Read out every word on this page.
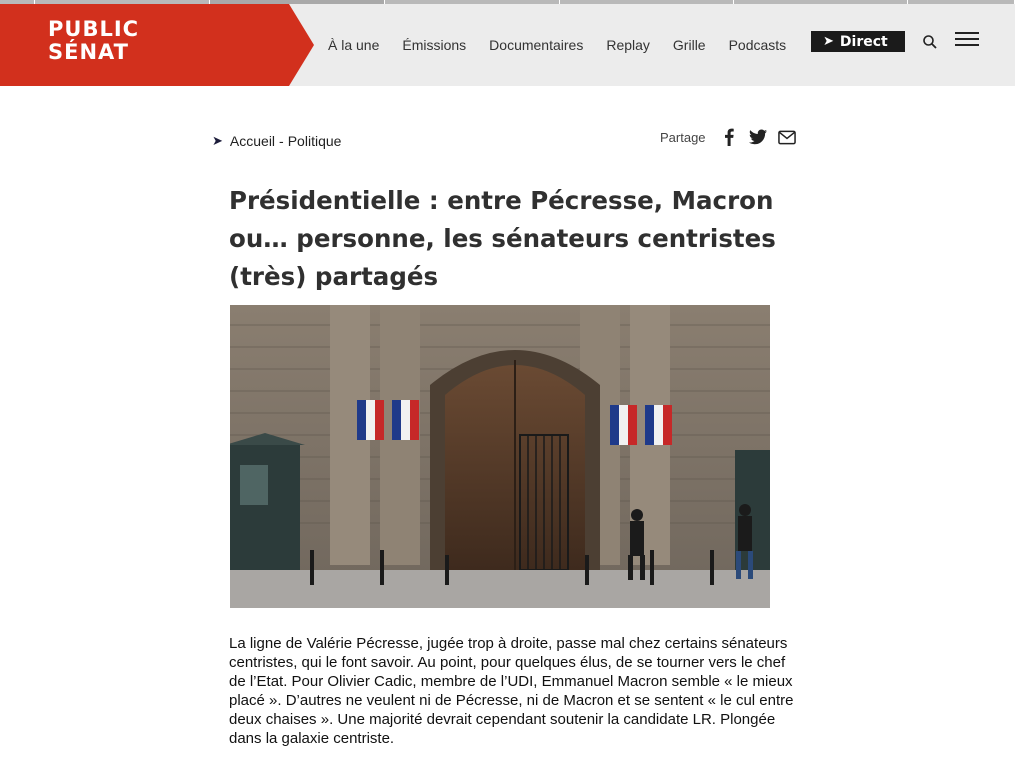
PUBLIC
SÉNAT	À la une Émissions Documentaires Replay Grille Podcasts	➤ Direct
➤ Accueil - Politique	Partage
Présidentielle : entre Pécresse, Macron ou… personne, les sénateurs centristes (très) partagés

La ligne de Valérie Pécresse, jugée trop à droite, passe mal chez certains sénateurs centristes, qui le font savoir. Au point, pour quelques élus, de se tourner vers le chef de l’Etat. Pour Olivier Cadic, membre de l’UDI, Emmanuel Macron semble « le mieux placé ». D’autres ne veulent ni de Pécresse, ni de Macron et se sentent « le cul entre deux chaises ». Une majorité devrait cependant soutenir la candidate LR. Plongée dans la galaxie centriste.
